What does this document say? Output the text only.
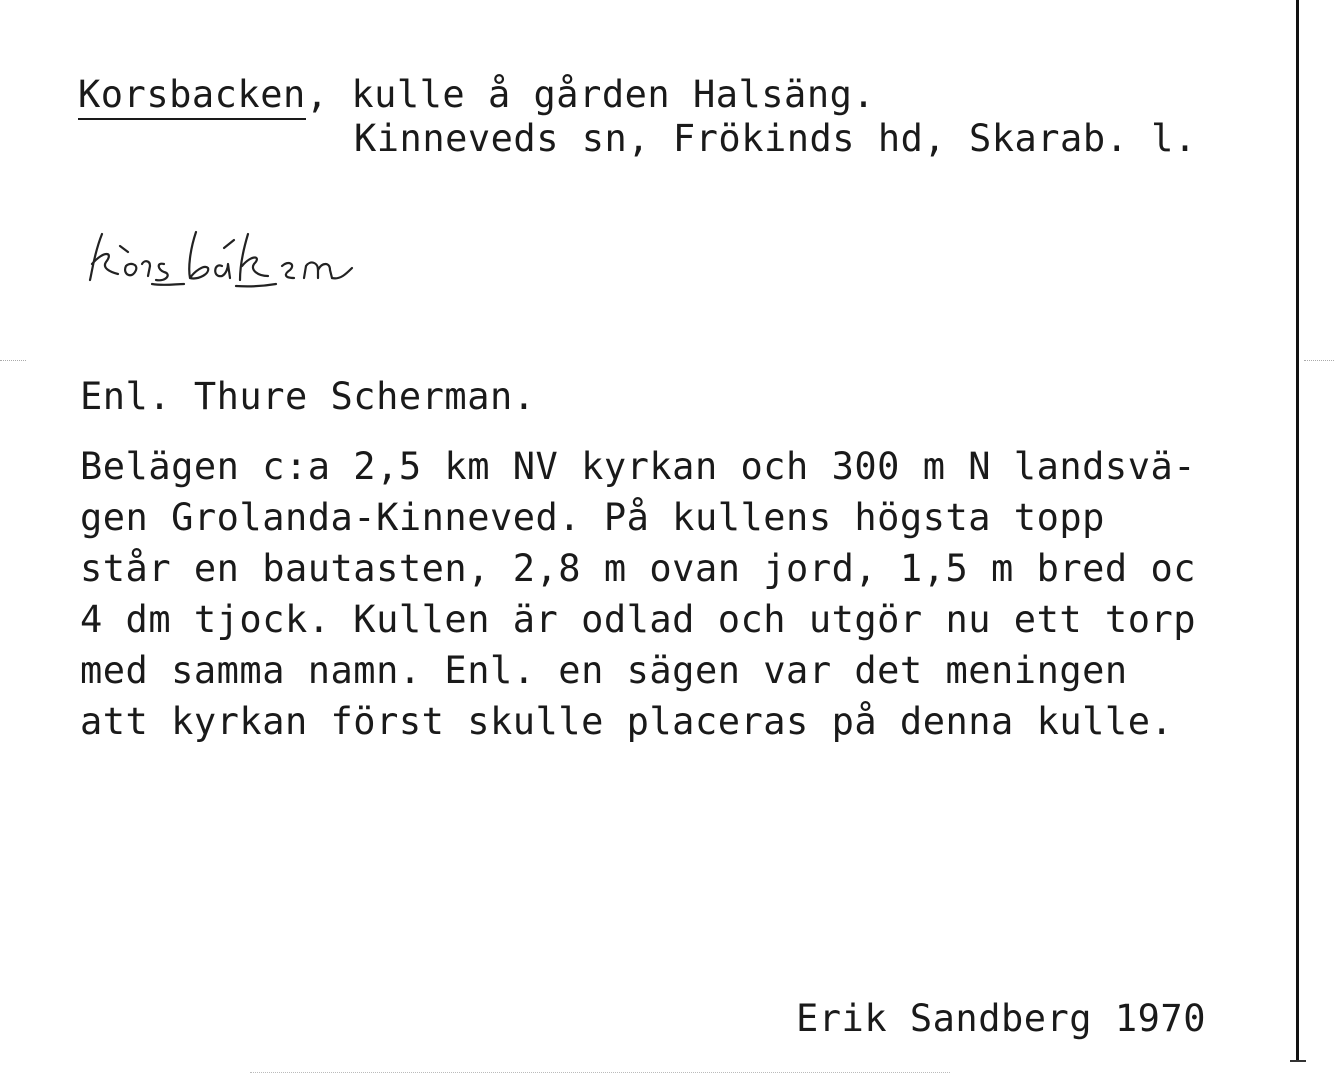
Korsbacken, kulle å gården Halsäng.
Kinneveds sn, Frökinds hd, Skarab. l.
Enl. Thure Scherman.
Belägen c:a 2,5 km NV kyrkan och 300 m N landsvä-
gen Grolanda-Kinneved. På kullens högsta topp
står en bautasten, 2,8 m ovan jord, 1,5 m bred oc
4 dm tjock. Kullen är odlad och utgör nu ett torp
med samma namn. Enl. en sägen var det meningen
att kyrkan först skulle placeras på denna kulle.
Erik Sandberg 1970
